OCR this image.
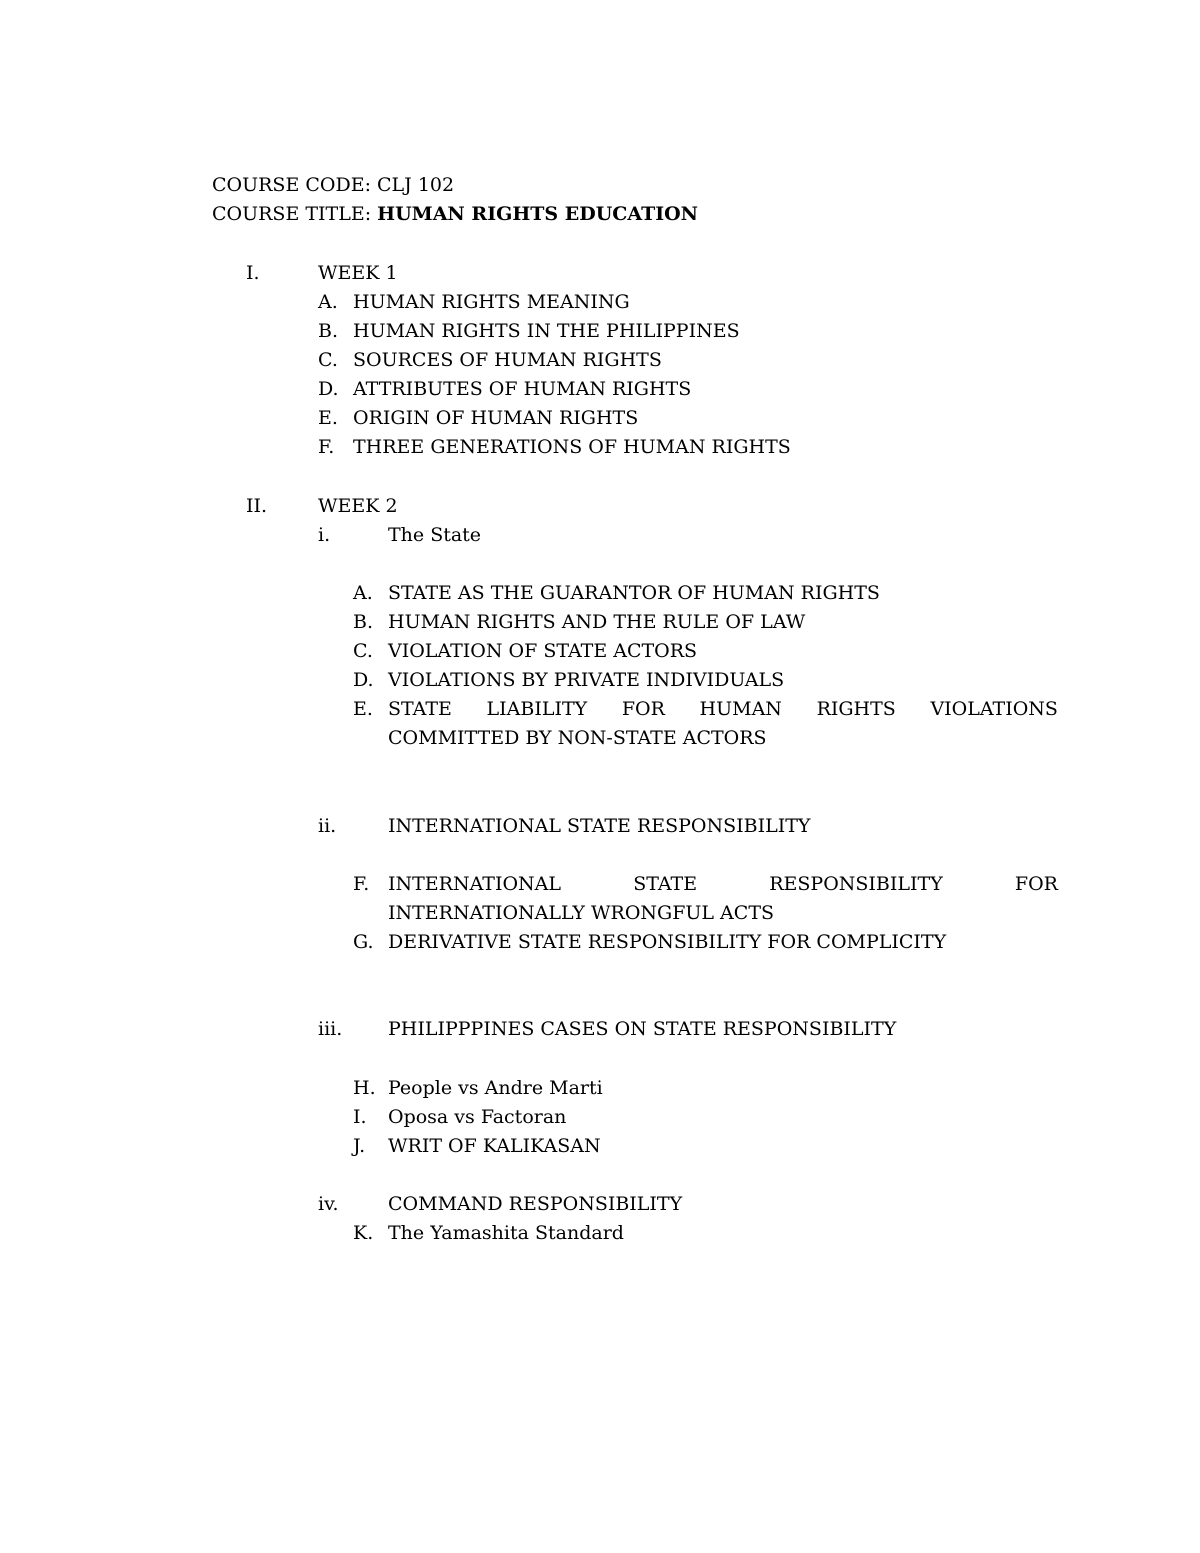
COURSE CODE: CLJ 102
COURSE TITLE: HUMAN RIGHTS EDUCATION
I.	WEEK 1
A. HUMAN RIGHTS MEANING
B. HUMAN RIGHTS IN THE PHILIPPINES
C. SOURCES OF HUMAN RIGHTS
D. ATTRIBUTES OF HUMAN RIGHTS
E. ORIGIN OF HUMAN RIGHTS
F. THREE GENERATIONS OF HUMAN RIGHTS
II.	WEEK 2
i.	The State
A. STATE AS THE GUARANTOR OF HUMAN RIGHTS
B. HUMAN RIGHTS AND THE RULE OF LAW
C. VIOLATION OF STATE ACTORS
D. VIOLATIONS BY PRIVATE INDIVIDUALS
E. STATE LIABILITY FOR HUMAN RIGHTS VIOLATIONS
COMMITTED BY NON-STATE ACTORS
ii.	INTERNATIONAL STATE RESPONSIBILITY
F. INTERNATIONAL	STATE	RESPONSIBILITY	FOR
INTERNATIONALLY WRONGFUL ACTS
G. DERIVATIVE STATE RESPONSIBILITY FOR COMPLICITY
iii. PHILIPPPINES CASES ON STATE RESPONSIBILITY
H. People vs Andre Marti
I. Oposa vs Factoran
J. WRIT OF KALIKASAN
iv.	COMMAND RESPONSIBILITY
K. The Yamashita Standard
